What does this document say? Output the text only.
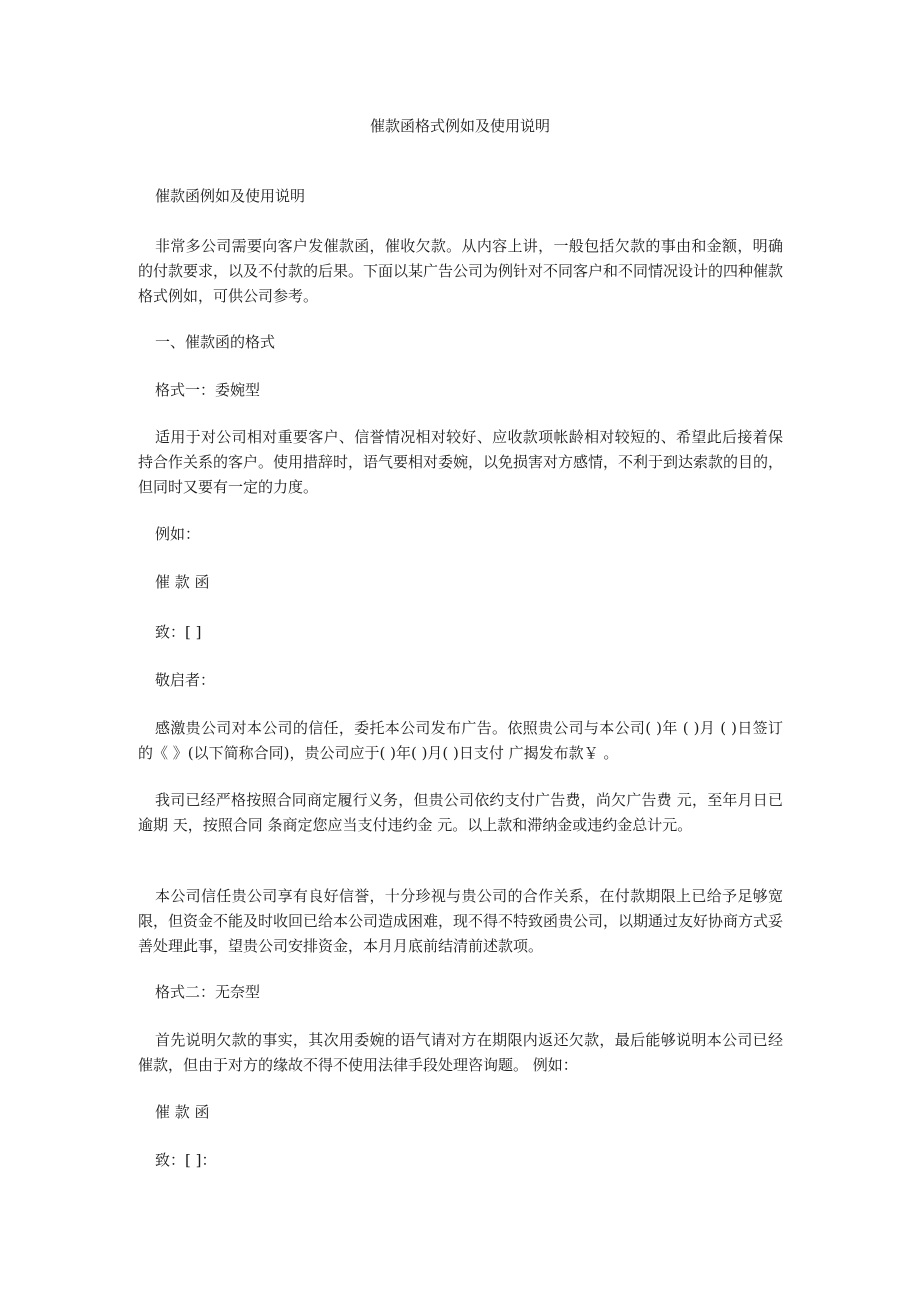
催款函格式例如及使用说明

催款函例如及使用说明

非常多公司需要向客户发催款函，催收欠款。从内容上讲，一般包括欠款的事由和金额，明确的付款要求，以及不付款的后果。下面以某广告公司为例针对不同客户和不同情况设计的四种催款格式例如，可供公司参考。

一、催款函的格式

格式一：委婉型

适用于对公司相对重要客户、信誉情况相对较好、应收款项帐龄相对较短的、希望此后接着保持合作关系的客户。使用措辞时，语气要相对委婉，以免损害对方感情，不利于到达索款的目的，但同时又要有一定的力度。

例如：

催 款 函

致：[ ]

敬启者：

感激贵公司对本公司的信任，委托本公司发布广告。依照贵公司与本公司( )年 ( )月 ( )日签订的《 》(以下简称合同)，贵公司应于( )年( )月( )日支付 广揭发布款￥ 。

我司已经严格按照合同商定履行义务，但贵公司依约支付广告费，尚欠广告费 元，至年月日已逾期 天，按照合同 条商定您应当支付违约金 元。以上款和滞纳金或违约金总计元。

本公司信任贵公司享有良好信誉，十分珍视与贵公司的合作关系，在付款期限上已给予足够宽限，但资金不能及时收回已给本公司造成困难，现不得不特致函贵公司，以期通过友好协商方式妥善处理此事，望贵公司安排资金，本月月底前结清前述款项。

格式二：无奈型

首先说明欠款的事实，其次用委婉的语气请对方在期限内返还欠款，最后能够说明本公司已经催款，但由于对方的缘故不得不使用法律手段处理咨询题。 例如：

催 款 函

致：[ ]：
